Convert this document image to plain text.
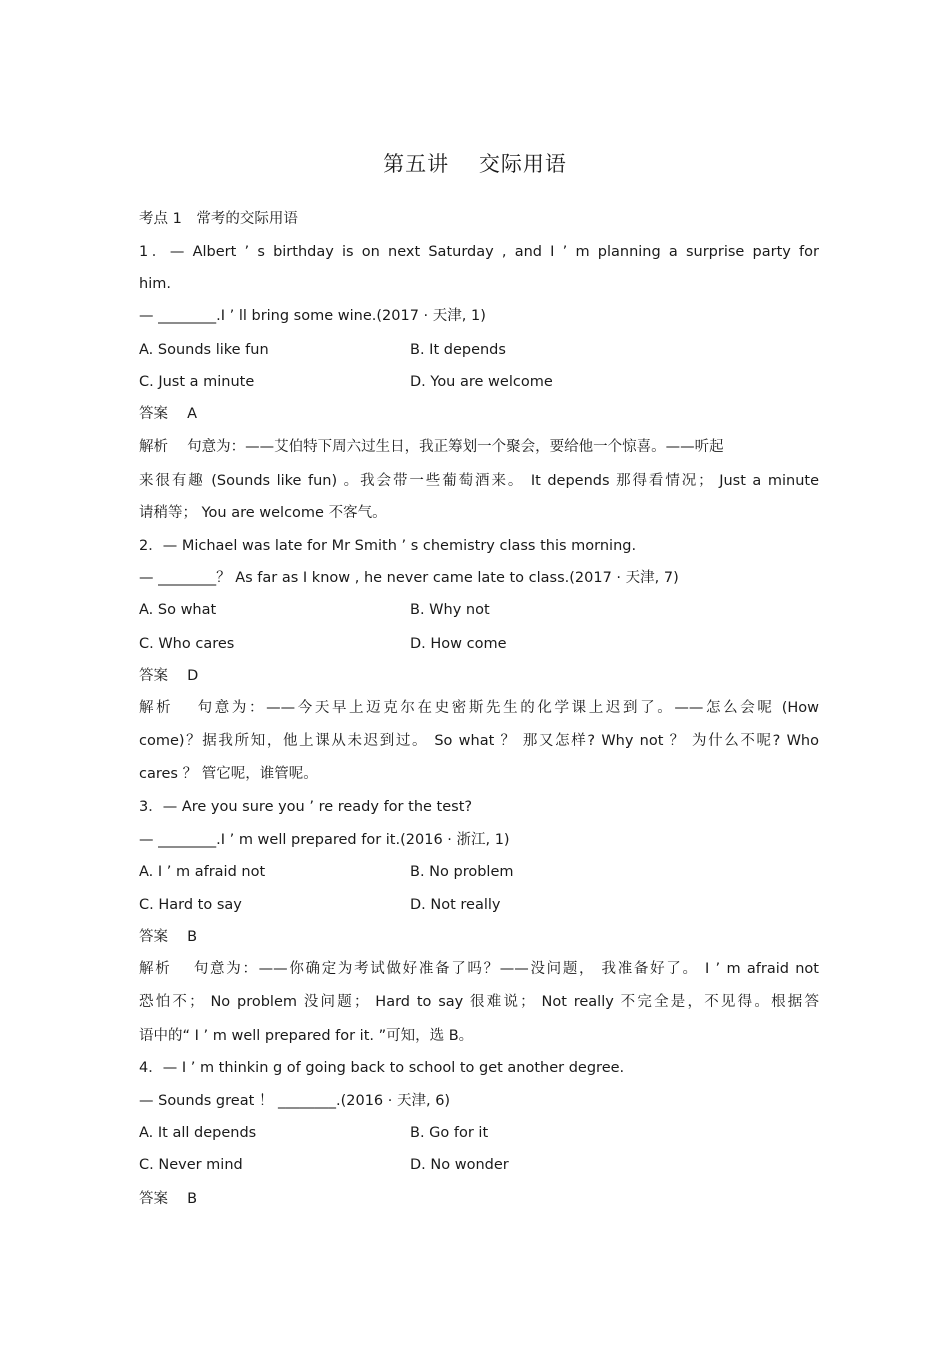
第五讲　 交际用语
考点 1　常考的交际用语
1．— Albert ’ s birthday is on next Saturday , and I ’ m planning a surprise party for
him.
— ________.I ’ ll bring some wine.(2017 · 天津, 1)
A. Sounds like fun	B. It depends
C. Just a minute	D. You are welcome
答案　 A
解析　 句意为：——艾伯特下周六过生日，我正筹划一个聚会，要给他一个惊喜。——听起
来很有趣 (Sounds like fun) 。我会带一些葡萄酒来。 It depends 那得看情况； Just a minute
请稍等； You are welcome 不客气。
2．— Michael was late for Mr Smith ’ s chemistry class this morning.
— ________？ As far as I know , he never came late to class.(2017 · 天津, 7)
A. So what	B. Why not
C. Who cares	D. How come
答案　 D
解析　 句意为：——今天早上迈克尔在史密斯先生的化学课上迟到了。——怎么会呢 (How
come)？据我所知，他上课从未迟到过。 So what ？ 那又怎样? Why not ？ 为什么不呢? Who
cares ？ 管它呢，谁管呢。
3．— Are you sure you ’ re ready for the test?
— ________.I ’ m well prepared for it.(2016 · 浙江, 1)
A. I ’ m afraid not	B. No problem
C. Hard to say	D. Not really
答案　 B
解析　 句意为：——你确定为考试做好准备了吗？——没问题， 我准备好了。 I ’ m afraid not
恐怕不； No problem 没问题； Hard to say 很难说； Not really 不完全是，不见得。根据答
语中的“ I ’ m well prepared for it. ”可知，选 B。
4．— I ’ m thinkin g of going back to school to get another degree.
— Sounds great ！ ________.(2016 · 天津, 6)
A. It all depends	B. Go for it
C. Never mind	D. No wonder
答案　 B
